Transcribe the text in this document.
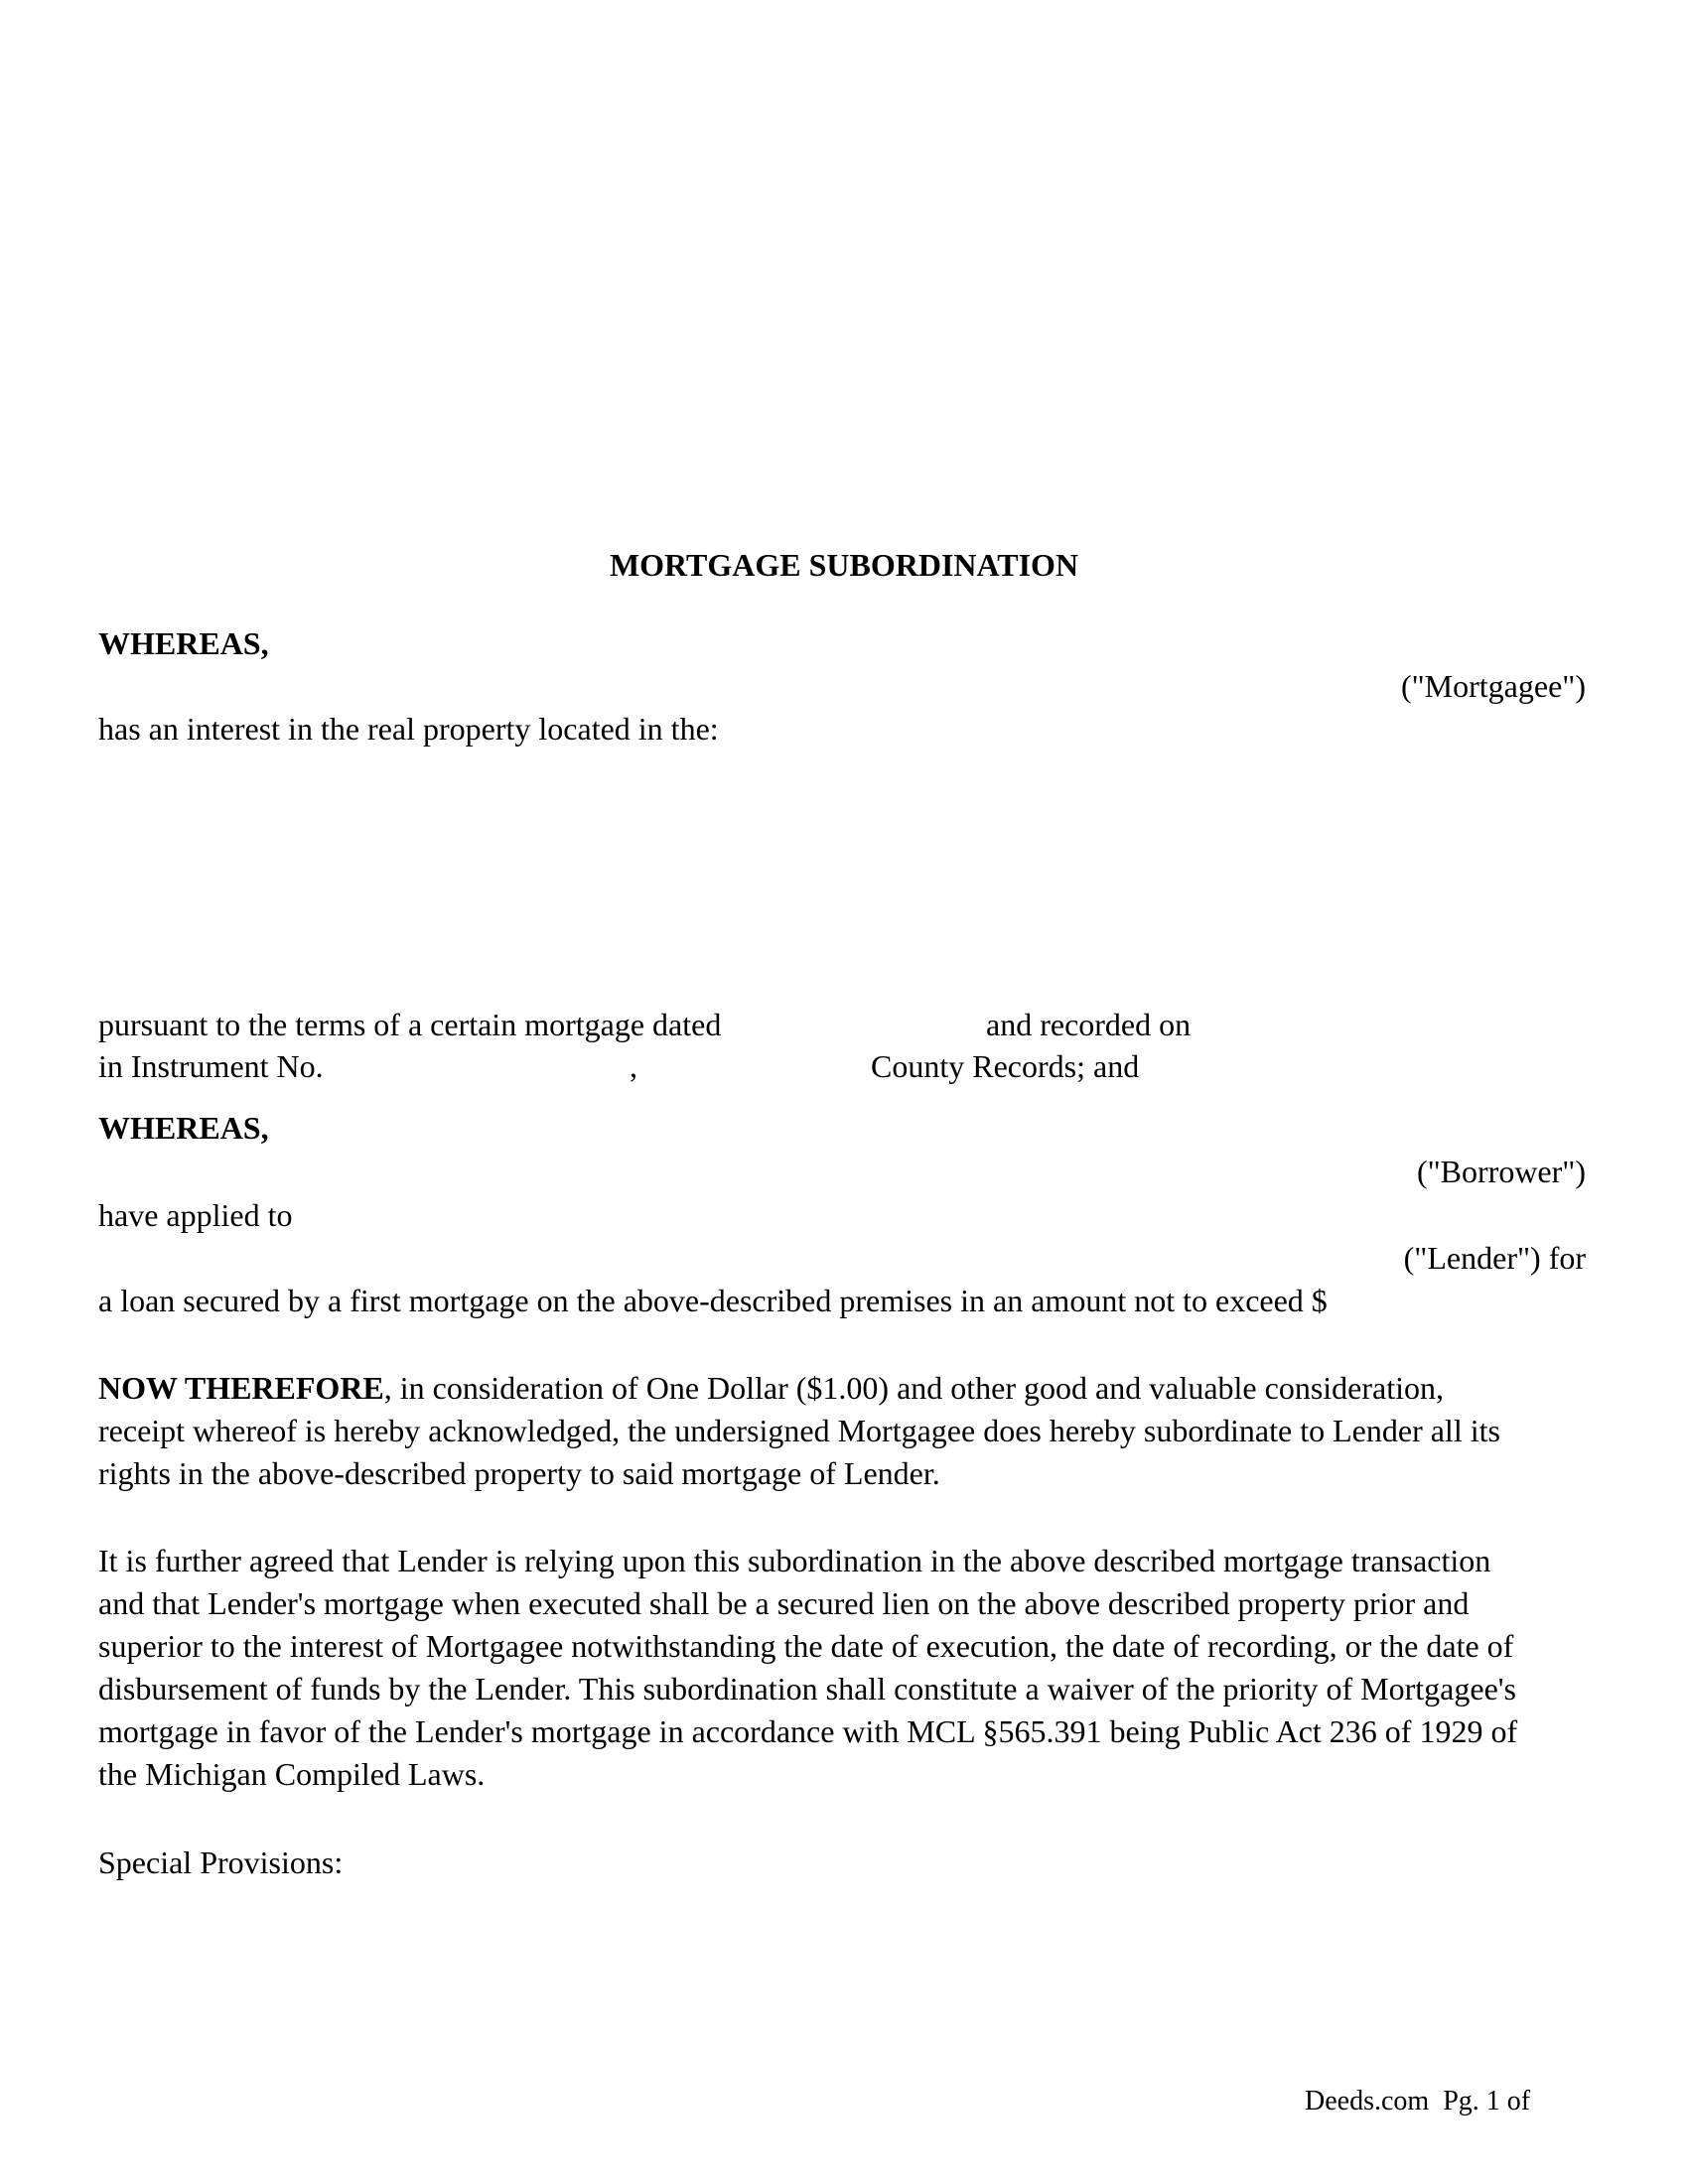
MORTGAGE SUBORDINATION
WHEREAS,
("Mortgagee")
has an interest in the real property located in the:
pursuant to the terms of a certain mortgage dated	and recorded on
in Instrument No.	,	County Records; and
WHEREAS,
("Borrower")
have applied to
("Lender") for
a loan secured by a first mortgage on the above-described premises in an amount not to exceed $
NOW THEREFORE, in consideration of One Dollar ($1.00) and other good and valuable consideration,
receipt whereof is hereby acknowledged, the undersigned Mortgagee does hereby subordinate to Lender all its
rights in the above-described property to said mortgage of Lender.
It is further agreed that Lender is relying upon this subordination in the above described mortgage transaction
and that Lender's mortgage when executed shall be a secured lien on the above described property prior and
superior to the interest of Mortgagee notwithstanding the date of execution, the date of recording, or the date of
disbursement of funds by the Lender. This subordination shall constitute a waiver of the priority of Mortgagee's
mortgage in favor of the Lender's mortgage in accordance with MCL §565.391 being Public Act 236 of 1929 of
the Michigan Compiled Laws.
Special Provisions:
Deeds.com Pg. 1 of
